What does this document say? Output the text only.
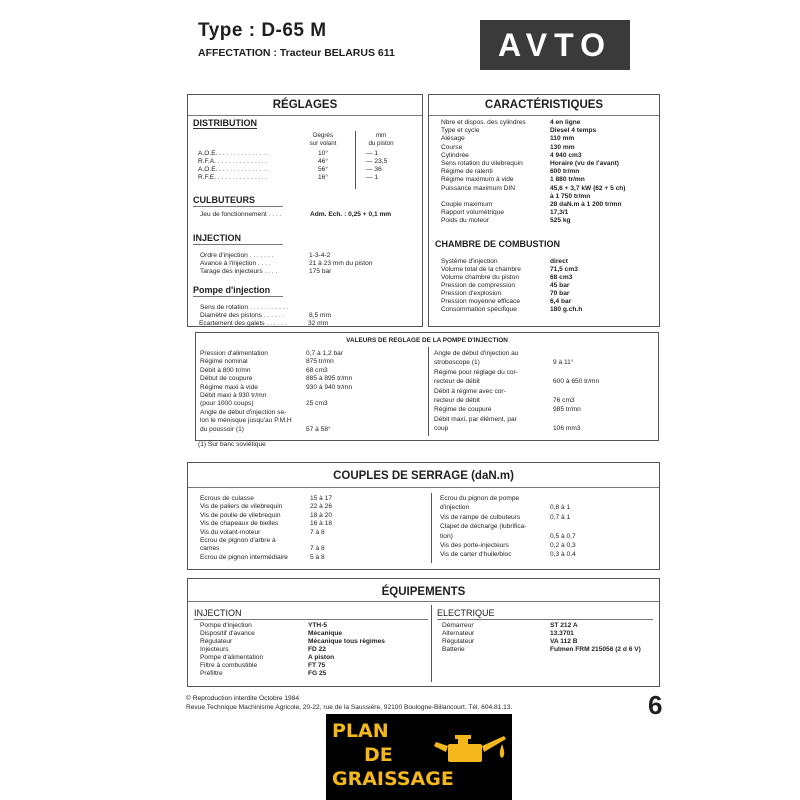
Type : D-65 M
AFFECTATION : Tracteur BELARUS 611	AVTO
RÉGLAGES
DISTRIBUTION
Degrés
sur volant
mm
du piston
A.O.E. . . . . . . . . . . . . . .	10°	— 1
R.F.A. . . . . . . . . . . . . . .	46°	— 23,5
A.O.E. . . . . . . . . . . . . . .	56°	— 36
R.F.E. . . . . . . . . . . . . . .	16°	— 1
CULBUTEURS
Jeu de fonctionnement . . . .	Adm. Ech. : 0,25 + 0,1 mm
INJECTION
Ordre d'injection . . . . . . .	1-3-4-2
Avance à l'injection . . . .	21 à 23 mm du piston
Tarage des injecteurs . . . .	175 bar
Pompe d'injection
Sens de rotation . . . . . . . . . . .
Diamètre des pistons . . . . . .	8,5 mm
Ecartement des galets . . . . . .	32 mm
CARACTÉRISTIQUES
Nbre et dispos. des cylindres	4 en ligne
Type et cycle	Diesel 4 temps
Alésage	110 mm
Course	130 mm
Cylindrée	4 940 cm3
Sens rotation du vilebrequin	Horaire (vu de l'avant)
Régime de ralenti	600 tr/mn
Régime maximum à vide	1 880 tr/mn
Puissance maximum DIN	45,6 + 3,7 kW (62 + 5 ch)
à 1 750 tr/mn
Couple maximum	28 daN.m à 1 200 tr/mn
Rapport volumétrique	17,3/1
Poids du moteur	525 kg
CHAMBRE DE COMBUSTION
Système d'injection	direct
Volume total de la chambre	71,5 cm3
Volume chambre du piston	68 cm3
Pression de compression	45 bar
Pression d'explosion	70 bar
Pression moyenne efficace	6,4 bar
Consommation spécifique	180 g.ch.h
VALEURS DE REGLAGE DE LA POMPE D'INJECTION
Pression d'alimentation	0,7 à 1,2 bar
Régime nominal	875 tr/mn
Débit à 800 tr/mn	68 cm3
Début de coupure	885 à 895 tr/mn
Régime maxi à vide	930 à 940 tr/mn
Débit maxi à 930 tr/mn
(pour 1000 coups)	25 cm3
Angle de début d'injection se-
lon le ménisque jusqu'au P.M.H
du poussoir (1)	57 à 58°
Angle de début d'injection au
stroboscope (1)	9 à 11°
Régime pour réglage du cor-
recteur de débit	600 à 650 tr/mn
Débit à régime avec cor-
recteur de débit	76 cm3
Régime de coupure	985 tr/mn
Débit maxi, par élément, par
coup	106 mm3
(1) Sur banc soviétique
COUPLES DE SERRAGE (daN.m)
Ecrous de culasse	15 à 17
Vis de paliers de vilebrequin	22 à 26
Vis de poulie de vilebrequin	18 à 20
Vis de chapeaux de bielles	16 à 18
Vis du volant-moteur	7 à 8
Ecrou de pignon d'arbre à
cames	7 à 8
Ecrou de pignon intermédiaire	5 à 8
Ecrou du pignon de pompe
d'injection	0,8 à 1
Vis de rampe de culbuteurs	0,7 à 1
Clapet de décharge (lubrifica-
tion)	0,5 à 0,7
Vis des porte-injecteurs	0,2 à 0,3
Vis de carter d'huile/bloc	0,3 à 0,4
ÉQUIPEMENTS
INJECTION	ELECTRIQUE
Pompe d'injection	YTH-5
Dispositif d'avance	Mécanique
Régulateur	Mécanique tous régimes
Injecteurs	FD 22
Pompe d'alimentation	A piston
Filtre à combustible	FT 75
Préfiltre	FG 25
Démarreur	ST 212 A
Alternateur	13.3701
Régulateur	VA 112 B
Batterie	Fulmen FRM 215056 (2 d 6 V)
© Reproduction interdite Octobre 1984
Revue Technique Machinisme Agricole, 20-22, rue de la Saussière, 92100 Boulogne-Billancourt. Tél. 604.81.13.	6
PLAN
DE
GRAISSAGE
